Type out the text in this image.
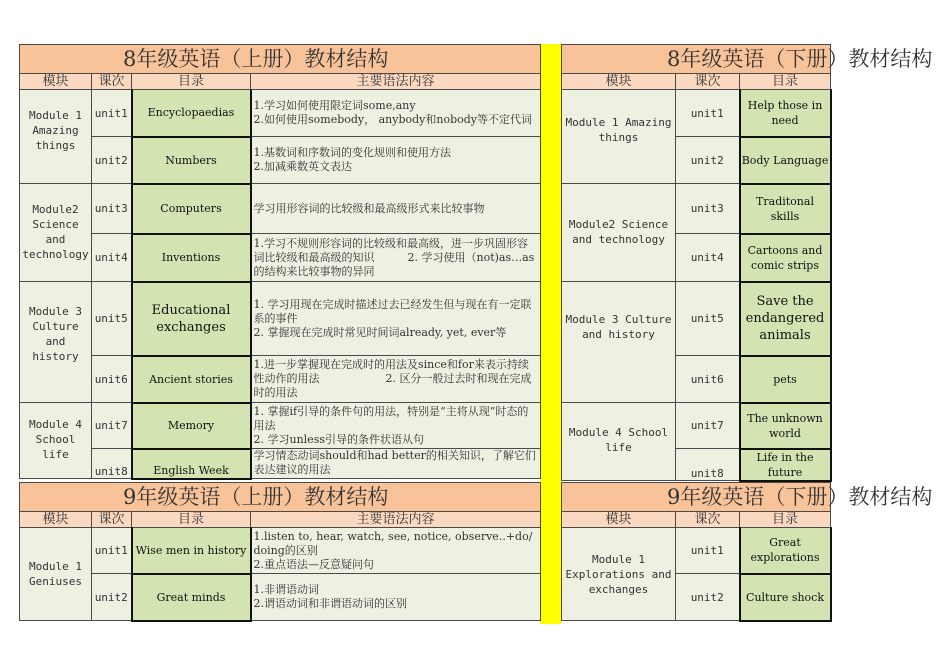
8年级英语（上册）教材结构			
模块	课次	目录	主要语法内容
Module 1 Amazing things	unit1	Encyclopaedias	1.学习如何使用限定词some,any
2.如何使用somebody， anybody和nobody等不定代词

	unit2	Numbers	1.基数词和序数词的变化规则和使用方法
2.加减乘数英文表达

Module2 Science and technology	unit3	Computers	学习用形容词的比较级和最高级形式来比较事物

	unit4	Inventions	1.学习不规则形容词的比较级和最高级，进一步巩固形容词比较级和最高级的知识　　　2. 学习使用（not)as…as的结构来比较事物的异同

Module 3 Culture and history	unit5	Educational exchanges	1. 学习用现在完成时描述过去已经发生但与现在有一定联系的事件
2. 掌握现在完成时常见时间词already, yet, ever等

	unit6	Ancient stories	1.进一步掌握现在完成时的用法及since和for来表示持续性动作的用法　　　　　　2. 区分一般过去时和现在完成时的用法

Module 4 School life	unit7	Memory	1. 掌握if引导的条件句的用法，特别是“主将从现”时态的用法
2. 学习unless引导的条件状语从句

	unit8	English Week	学习情态动词should和had better的相关知识，了解它们表达建议的用法
8年级英语（下册）教材结构		
模块	课次	目录
Module 1 Amazing things	unit1	Help those in need
	unit2	Body Language
Module2 Science and technology	unit3	Traditonal skills
	unit4	Cartoons and comic strips
Module 3 Culture and history	unit5	Save the endangered animals
	unit6	pets
Module 4 School life	unit7	The unknown world
	unit8	Life in the future
9年级英语（上册）教材结构			
模块	课次	目录	主要语法内容
Module 1 Geniuses	unit1	Wise men in history	1.listen to, hear, watch, see, notice, observe..+do/ doing的区别
2.重点语法—反意疑问句

	unit2	Great minds	1.非谓语动词
2.谓语动词和非谓语动词的区别
9年级英语（下册）教材结构		
模块	课次	目录
Module 1 Explorations and exchanges	unit1	Great explorations
	unit2	Culture shock
